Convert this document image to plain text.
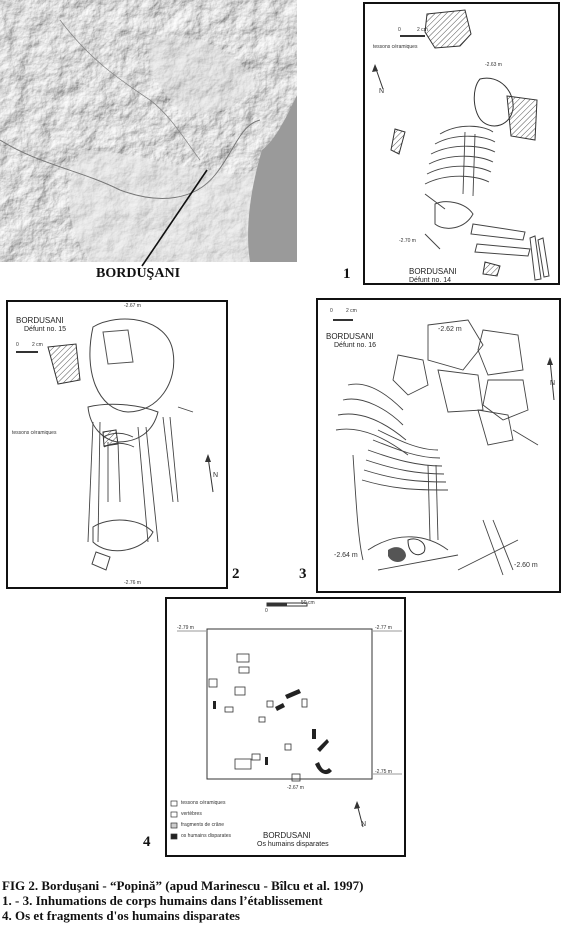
BORDUŞANI
tessons céramiques
0	2 cm
N
-2.63 m
-2.70 m
BORDUSANI
Défunt no. 14
1
BORDUSANI
Défunt no. 15
0	2 cm
-2.67 m
-2.76 m
tessons céramiques
N
2
0	2 cm
BORDUSANI
Défunt no. 16
-2.62 m
-2.64 m
-2.60 m
N
3
0
50 cm
-2.79 m	-2.77 m
-2.75 m
-2.67 m
tessons céramiques
vertèbres
fragments de crâne
os humains disparates	BORDUSANI
Os humains disparates
N
4
FIG 2. Borduşani - “Popină” (apud Marinescu - Bîlcu et al. 1997)
1. - 3. Inhumations de corps humains dans l’établissement
4. Os et fragments d'os humains disparates
